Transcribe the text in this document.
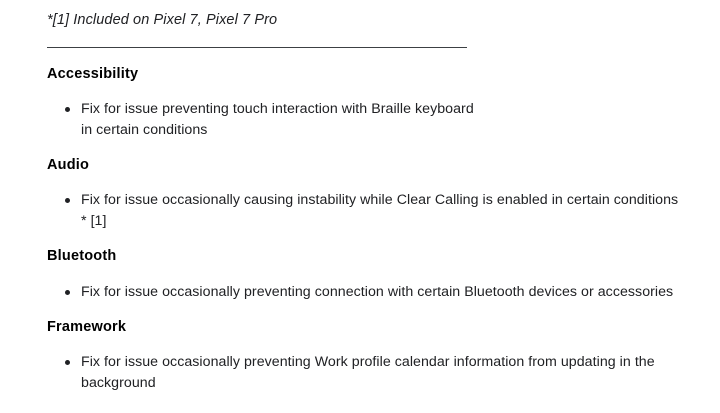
*[1] Included on Pixel 7, Pixel 7 Pro
Accessibility
Fix for issue preventing touch interaction with Braille keyboard in certain conditions
Audio
Fix for issue occasionally causing instability while Clear Calling is enabled in certain conditions * [1]
Bluetooth
Fix for issue occasionally preventing connection with certain Bluetooth devices or accessories
Framework
Fix for issue occasionally preventing Work profile calendar information from updating in the background
